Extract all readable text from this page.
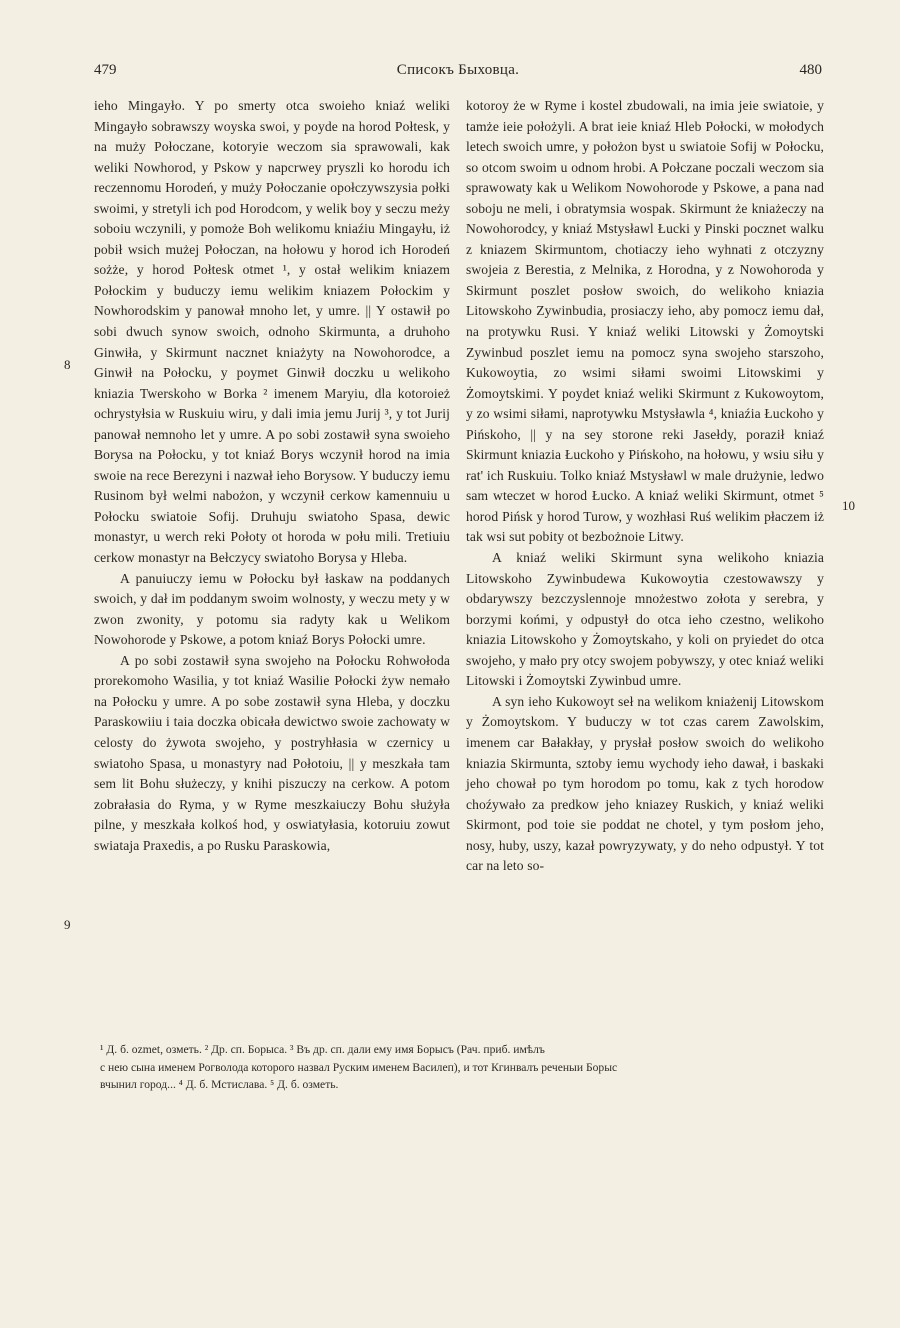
479	Списокъ Быховца.	480
8
9
10

ieho Mingayło. Y po smerty otca swoieho kniaź weliki Mingayło sobrawszy woyska swoi, y poyde na horod Połtesk, y na muży Połoczane, kotoryie weczom sia sprawowali, kak weliki Nowhorod, y Pskow y napcrwey pryszli ko horodu ich reczennomu Horodeń, y muży Połoczanie opołczywszysia połki swoimi, y stretyli ich pod Horodcom, y welik boy y seczu meży soboiu wczynili, y pomoże Boh welikomu kniaźiu Mingayłu, iż pobił wsich mużej Połoczan, na hołowu y horod ich Horodeń sożże, y horod Połtesk otmet ¹, y ostał welikim kniazem Połockim y buduczy iemu welikim kniazem Połockim y Nowhorodskim y panował mnoho let, y umre. || Y ostawił po sobi dwuch synow swoich, odnoho Skirmunta, a druhoho Ginwiła, y Skirmunt nacznet kniażyty na Nowohorodce, a Ginwił na Połocku, y poymet Ginwił doczku u welikoho kniazia Twerskoho w Borka ² imenem Maryiu, dla kotoroież ochrystyłsia w Ruskuiu wiru, y dali imia jemu Jurij ³, y tot Jurij panował nemnoho let y umre. A po sobi zostawił syna swoieho Borysa na Połocku, y tot kniaź Borys wczynił horod na imia swoie na rece Berezyni i nazwał ieho Borysow. Y buduczy iemu Rusinom był welmi nabożon, y wczynił cerkow kamennuiu u Połocku swiatoie Sofij. Druhuju swiatoho Spasa, dewic monastyr, u werch reki Połoty ot horoda w połu mili. Tretiuiu cerkow monastyr na Bełczycy swiatoho Borysa y Hleba.

A panuiuczy iemu w Połocku był łaskaw na poddanych swoich, y dał im poddanym swoim wolnosty, y weczu mety y w zwon zwonity, y potomu sia radyty kak u Welikom Nowohorode y Pskowe, a potom kniaź Borys Połocki umre.

A po sobi zostawił syna swojeho na Połocku Rohwołoda prorekomoho Wasilia, y tot kniaź Wasilie Połocki żyw nemało na Połocku y umre. A po sobe zostawił syna Hleba, y doczku Paraskowiiu i taia doczka obicała dewictwo swoie zachowaty w celosty do żywota swojeho, y postryhłasia w czernicy u swiatoho Spasa, u monastyry nad Połotoiu, || y meszkała tam sem lit Bohu służeczy, y knihi piszuczy na cerkow. A potom zobrałasia do Ryma, y w Ryme meszkaiuczy Bohu służyła pilne, y meszkała kolkoś hod, y oswiatyłasia, kotoruiu zowut swiataja Praxedis, a po Rusku Paraskowia,

kotoroy że w Ryme i kostel zbudowali, na imia jeie swiatoie, y tamże ieie położyli. A brat ieie kniaź Hleb Połocki, w mołodych letech swoich umre, y położon byst u swiatoie Sofij w Połocku, so otcom swoim u odnom hrobi. A Połczane poczali weczom sia sprawowaty kak u Welikom Nowohorode y Pskowe, a pana nad soboju ne meli, i obratymsia wospak. Skirmunt że kniażeczy na Nowohorodcy, y kniaź Mstysławl Łucki y Pinski pocznet walku z kniazem Skirmuntom, chotiaczy ieho wyhnati z otczyzny swojeia z Berestia, z Melnika, z Horodna, y z Nowohoroda y Skirmunt poszlet posłow swoich, do welikoho kniazia Litowskoho Zywinbudia, prosiaczy ieho, aby pomocz iemu dał, na protywku Rusi. Y kniaź weliki Litowski y Żomoytski Zywinbud poszlet iemu na pomocz syna swojeho starszoho, Kukowoytia, zo wsimi siłami swoimi Litowskimi y Żomoytskimi. Y poydet kniaź weliki Skirmunt z Kukowoytom, y zo wsimi siłami, naprotywku Mstysławla ⁴, kniaźia Łuckoho y Pińskoho, || y na sey storone reki Jasełdy, poraził kniaź Skirmunt kniazia Łuckoho y Pińskoho, na hołowu, y wsiu siłu y rat' ich Ruskuiu. Tolko kniaź Mstysławl w male drużynie, ledwo sam wteczet w horod Łucko. A kniaź weliki Skirmunt, otmet ⁵ horod Pińsk y horod Turow, y wozhłasi Ruś welikim płaczem iż tak wsi sut pobity ot bezbożnoie Litwy.

A kniaź weliki Skirmunt syna welikoho kniazia Litowskoho Zywinbudewa Kukowoytia czestowawszy y obdarywszy bezczyslennoje mnożestwo zołota y serebra, y borzymi końmi, y odpustył do otca ieho czestno, welikoho kniazia Litowskoho y Żomoytskaho, y koli on pryiedet do otca swojeho, y mało pry otcy swojem pobywszy, y otec kniaź weliki Litowski i Żomoytski Zywinbud umre.

A syn ieho Kukowoyt seł na welikom kniażenij Litowskom y Żomoytskom. Y buduczy w tot czas carem Zawolskim, imenem car Bałakłay, y prysłał posłow swoich do welikoho kniazia Skirmunta, sztoby iemu wychody ieho dawał, i baskaki jeho chował po tym horodom po tomu, kak z tych horodow choźywało za predkow jeho kniazey Ruskich, y kniaź weliki Skirmont, pod toie sie poddat ne chotel, y tym posłom jeho, nosy, huby, uszy, kazał powryzywaty, y do neho odpustył. Y tot car na leto so-

¹ Д. б. ozmet, озметь. ² Др. сп. Борыса. ³ Въ др. сп. дали ему имя Борысъ (Рач. приб. имѣлъ

с нею сына именем Рогволода которого назвал Руским именем Василеп), и тот Кгинвалъ реченыи Борыс

вчынил город... ⁴ Д. б. Мстислава. ⁵ Д. б. озметь.
